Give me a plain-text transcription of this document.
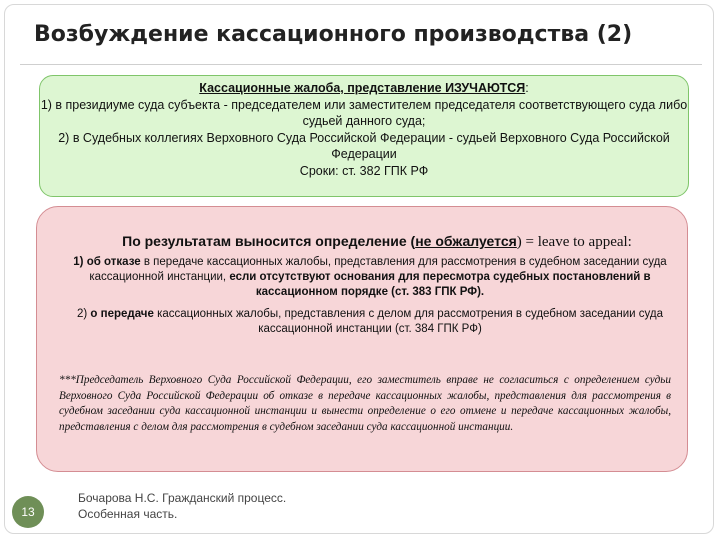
Возбуждение кассационного производства (2)
Кассационные жалоба, представление ИЗУЧАЮТСЯ:
1) в президиуме суда субъекта - председателем или заместителем председателя соответствующего суда либо судьей данного суда;
2) в Судебных коллегиях Верховного Суда Российской Федерации - судьей Верховного Суда Российской Федерации
Сроки: ст. 382 ГПК РФ
По результатам выносится определение (не обжалуется) = leave to appeal:
1) об отказе в передаче кассационных жалобы, представления для рассмотрения в судебном заседании суда кассационной инстанции, если отсутствуют основания для пересмотра судебных постановлений в кассационном порядке (ст. 383 ГПК РФ).
2) о передаче кассационных жалобы, представления с делом для рассмотрения в судебном заседании суда кассационной инстанции (ст. 384 ГПК РФ)
***Председатель Верховного Суда Российской Федерации, его заместитель вправе не согласиться с определением судьи Верховного Суда Российской Федерации об отказе в передаче кассационных жалобы, представления для рассмотрения в судебном заседании суда кассационной инстанции и вынести определение о его отмене и передаче кассационных жалобы, представления с делом для рассмотрения в судебном заседании суда кассационной инстанции.
13
Бочарова Н.С. Гражданский процесс.
Особенная часть.
